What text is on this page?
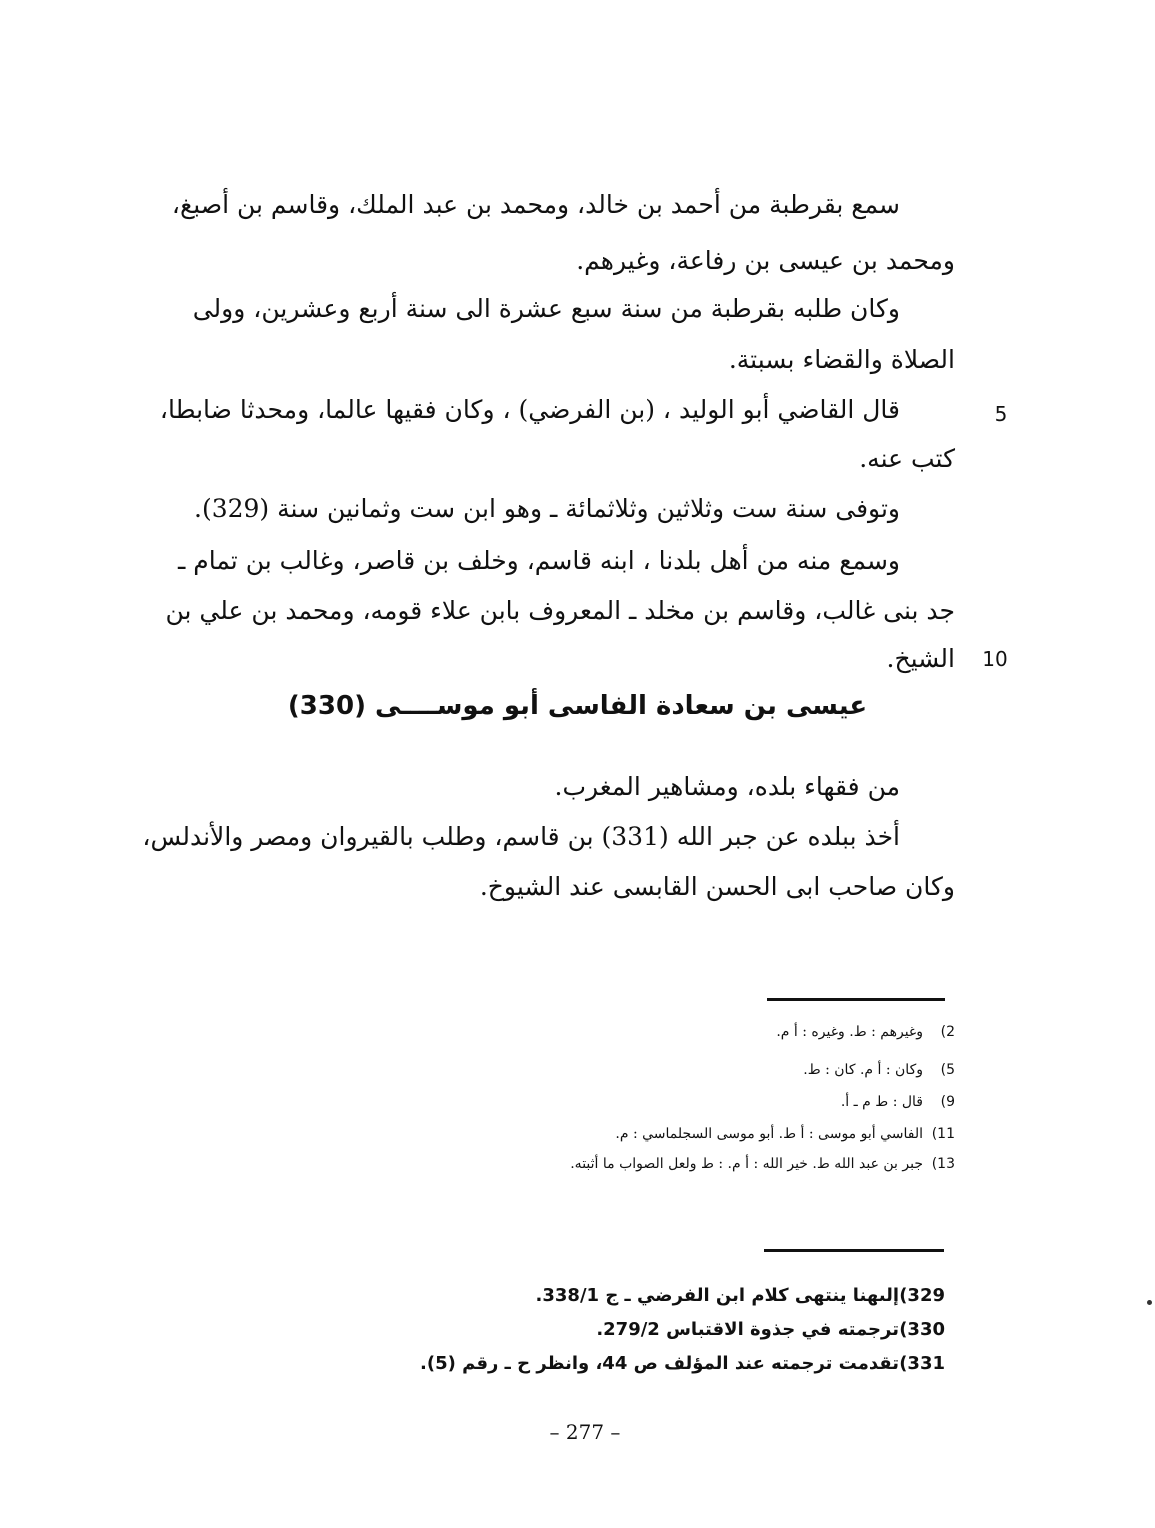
سمع بقرطبة من أحمد بن خالد، ومحمد بن عبد الملك، وقاسم بن أصبغ،
ومحمد بن عيسى بن رفاعة، وغيرهم.
وكان طلبه بقرطبة من سنة سبع عشرة الى سنة أربع وعشرين، وولى
الصلاة والقضاء بسبتة.
5
قال القاضي أبو الوليد ، (بن الفرضي) ، وكان فقيها عالما، ومحدثا ضابطا،
كتب عنه.
وتوفى سنة ست وثلاثين وثلاثمائة ـ وهو ابن ست وثمانين سنة (329).
وسمع منه من أهل بلدنا ، ابنه قاسم، وخلف بن قاصر، وغالب بن تمام ـ
جد بنى غالب، وقاسم بن مخلد ـ المعروف بابن علاء قومه، ومحمد بن علي بن
10
الشيخ.
عيسى بن سعادة الفاسى أبو موســــى (330)
من فقهاء بلده، ومشاهير المغرب.
أخذ ببلده عن جبر الله (331) بن قاسم، وطلب بالقيروان ومصر والأندلس،
وكان صاحب ابى الحسن القابسى عند الشيوخ.
2)وغيرهم : ط. وغيره : أ م.
5)وكان : أ م. كان : ط.
9)قال : ط م ـ أ.
11)الفاسي أبو موسى : أ ط. أبو موسى السجلماسي : م.
13)جبر بن عبد الله ط. خير الله : أ م. : ط ولعل الصواب ما أثبته.
329)إلىهنا ينتهى كلام ابن الفرضي ـ ج 338/1.
330)ترجمته في جذوة الاقتباس 279/2.
331)تقدمت ترجمته عند المؤلف ص 44، وانظر ح ـ رقم (5).
– 277 –
